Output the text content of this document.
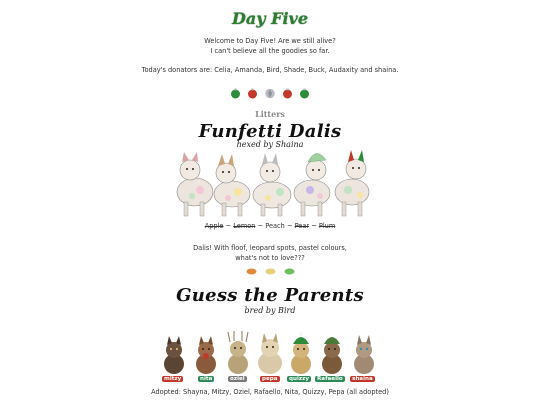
Day Five
Welcome to Day Five! Are we still alive?
I can't believe all the goodies so far.
Today's donators are: Celia, Amanda, Bird, Shade, Buck, Audaxity and shaina.
Litters
Funfetti Dalis
hexed by Shaina
Apple ~ Lemon ~ Peach ~ Pear ~ Plum
Dalis! With floof, leopard spots, pastel colours,
what's not to love???
Guess the Parents
bred by Bird
mitzy	nita	oziel	pepa	quizzy	Rafaello	shaina
Adopted: Shayna, Mitzy, Oziel, Rafaello, Nita, Quizzy, Pepa (all adopted)
